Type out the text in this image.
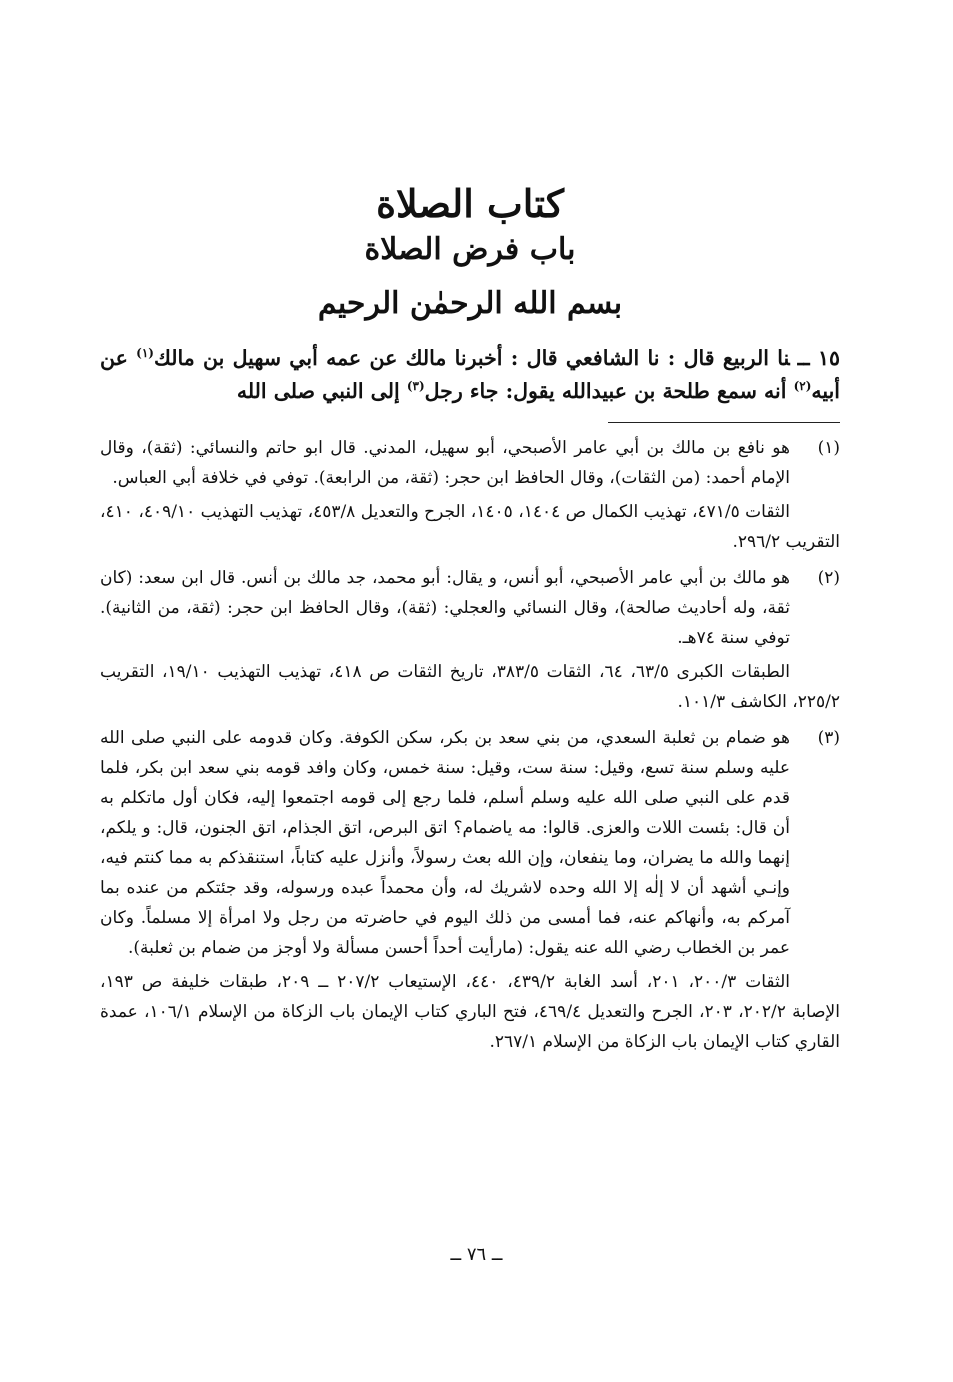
كتاب الصلاة
باب فرض الصلاة
بسم الله الرحمٰن الرحيم

١٥ ــنا الربيع قال : نا الشافعي قال : أخبرنا مالك عن عمه أبي سهيل بن مالك$^{(١)}$ عن أبيه$^{(٢)}$ أنه سمع طلحة بن عبيدالله يقول: جاء رجل$^{(٣)}$ إلى النبي صلى الله

(١)

هو نافع بن مالك بن أبي عامر الأصبحي، أبو سهيل، المدني. قال ابو حاتم والنسائي: (ثقة)، وقال الإمام أحمد: (من الثقات)، وقال الحافظ ابن حجر: (ثقة، من الرابعة). توفي في خلافة أبي العباس.

الثقات ٤٧١/٥، تهذيب الكمال ص ١٤٠٤، ١٤٠٥، الجرح والتعديل ٤٥٣/٨، تهذيب التهذيب ٤٠٩/١٠، ٤١٠، التقريب ٢٩٦/٢.

(٢)

هو مالك بن أبي عامر الأصبحي، أبو أنس، و يقال: أبو محمد، جد مالك بن أنس. قال ابن سعد: (كان ثقة، وله أحاديث صالحة)، وقال النسائي والعجلي: (ثقة)، وقال الحافظ ابن حجر: (ثقة، من الثانية). توفي سنة ٧٤هـ.

الطبقات الكبرى ٦٣/٥، ٦٤، الثقات ٣٨٣/٥، تاريخ الثقات ص ٤١٨، تهذيب التهذيب ١٩/١٠، التقريب ٢٢٥/٢، الكاشف ١٠١/٣.

(٣)

هو ضمام بن ثعلبة السعدي، من بني سعد بن بكر، سكن الكوفة. وكان قدومه على النبي صلى الله عليه وسلم سنة تسع، وقيل: سنة ست، وقيل: سنة خمس، وكان وافد قومه بني سعد ابن بكر، فلما قدم على النبي صلى الله عليه وسلم أسلم، فلما رجع إلى قومه اجتمعوا إليه، فكان أول ماتكلم به أن قال: بئست اللات والعزى. قالوا: مه ياضمام؟ اتق البرص، اتق الجذام، اتق الجنون، قال: و يلكم، إنهما والله ما يضران، وما ينفعان، وإن الله بعث رسولاً، وأنزل عليه كتاباً، استنقذكم به مما كنتم فيه، وإنـي أشهد أن لا إلٰه إلا الله وحده لاشريك له، وأن محمداً عبده ورسوله، وقد جئتكم من عنده بما آمركم به، وأنهاكم عنه، فما أمسى من ذلك اليوم في حاضرته من رجل ولا امرأة إلا مسلماً. وكان عمر بن الخطاب رضي الله عنه يقول: (مارأيت أحداً أحسن مسألة ولا أوجز من ضمام بن ثعلبة).

الثقات ٢٠٠/٣، ٢٠١، أسد الغابة ٤٣٩/٢، ٤٤٠، الإستيعاب ٢٠٧/٢ ــ ٢٠٩، طبقات خليفة ص ١٩٣، الإصابة ٢٠٢/٢، ٢٠٣، الجرح والتعديل ٤٦٩/٤، فتح الباري كتاب الإيمان باب الزكاة من الإسلام ١٠٦/١، عمدة القاري كتاب الإيمان باب الزكاة من الإسلام ٢٦٧/١.

ــ ٧٦ ــ
